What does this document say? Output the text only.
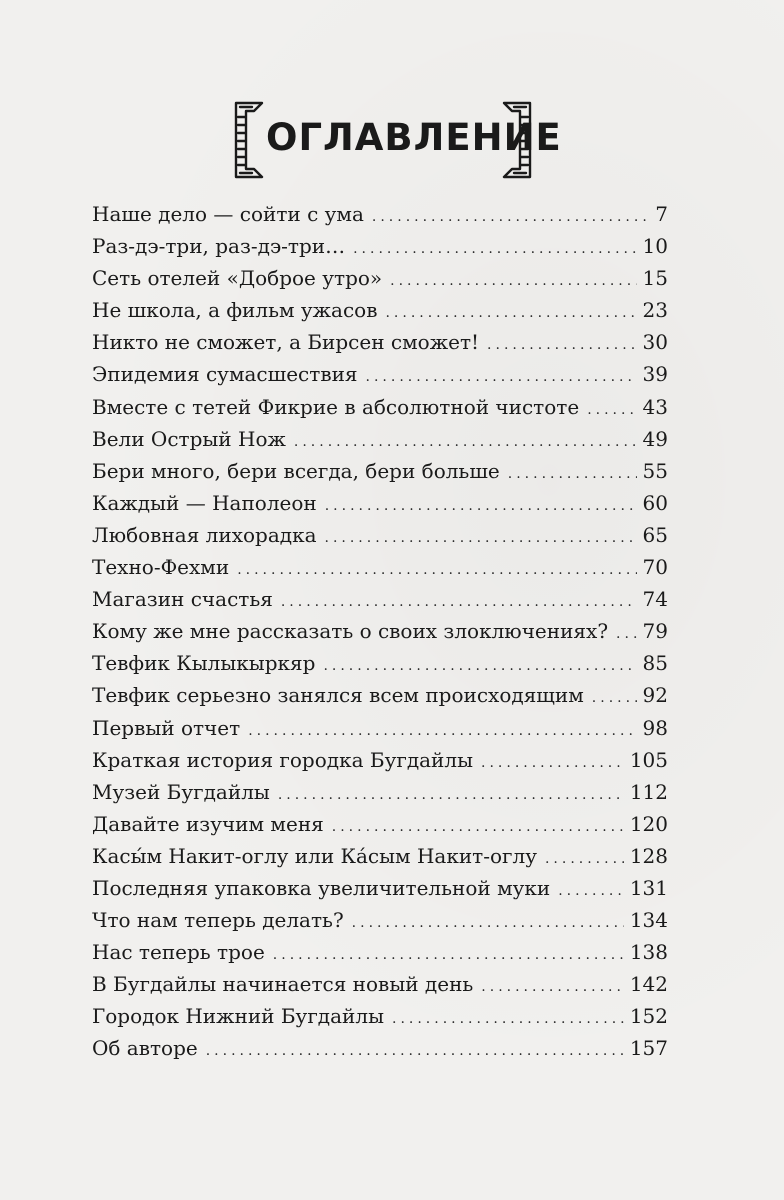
ОГЛАВЛЕНИЕ
Наше дело — сойти с ума .....	7
Раз-дэ-три, раз-дэ-три… .....	10
Сеть отелей «Доброе утро» .....	15
Не школа, а фильм ужасов .....	23
Никто не сможет, а Бирсен сможет! .....	30
Эпидемия сумасшествия .....	39
Вместе с тетей Фикрие в абсолютной чистоте .....	43
Вели Острый Нож .....	49
Бери много, бери всегда, бери больше .....	55
Каждый — Наполеон .....	60
Любовная лихорадка .....	65
Техно-Фехми .....	70
Магазин счастья .....	74
Кому же мне рассказать о своих злоключениях? ..... 79
Тевфик Кылыкыркяр .....	85
Тевфик серьезно занялся всем происходящим .....	92
Первый отчет .....	98
Краткая история городка Бугдайлы .....	105
Музей Бугдайлы .....	112
Давайте изучим меня .....	120
Касы́м Накит-оглу или Ка́сым Накит-оглу .....	128
Последняя упаковка увеличительной муки .....	131
Что нам теперь делать? .....	134
Нас теперь трое .....	138
В Бугдайлы начинается новый день .....	142
Городок Нижний Бугдайлы .....	152
Об авторе .....	157
